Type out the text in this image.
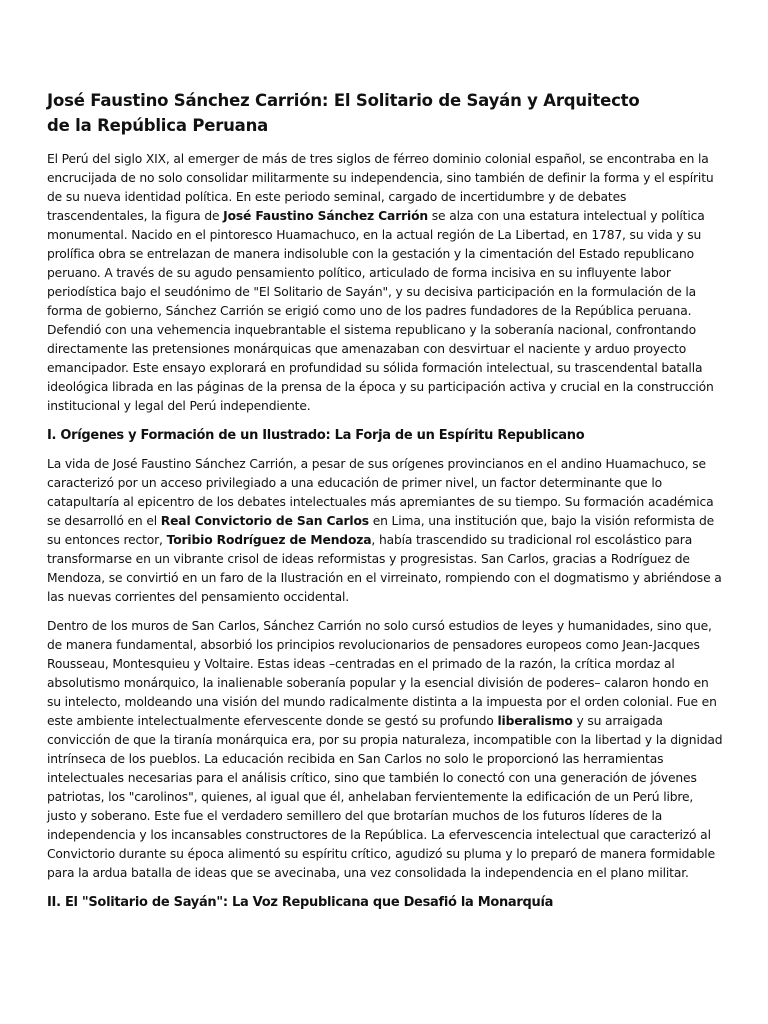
José Faustino Sánchez Carrión: El Solitario de Sayán y Arquitecto
de la República Peruana

El Perú del siglo XIX, al emerger de más de tres siglos de férreo dominio colonial español, se encontraba en la encrucijada de no solo consolidar militarmente su independencia, sino también de definir la forma y el espíritu de su nueva identidad política. En este periodo seminal, cargado de incertidumbre y de debates trascendentales, la figura de José Faustino Sánchez Carrión se alza con una estatura intelectual y política monumental. Nacido en el pintoresco Huamachuco, en la actual región de La Libertad, en 1787, su vida y su prolífica obra se entrelazan de manera indisoluble con la gestación y la cimentación del Estado republicano peruano. A través de su agudo pensamiento político, articulado de forma incisiva en su influyente labor periodística bajo el seudónimo de "El Solitario de Sayán", y su decisiva participación en la formulación de la forma de gobierno, Sánchez Carrión se erigió como uno de los padres fundadores de la República peruana. Defendió con una vehemencia inquebrantable el sistema republicano y la soberanía nacional, confrontando directamente las pretensiones monárquicas que amenazaban con desvirtuar el naciente y arduo proyecto emancipador. Este ensayo explorará en profundidad su sólida formación intelectual, su trascendental batalla ideológica librada en las páginas de la prensa de la época y su participación activa y crucial en la construcción institucional y legal del Perú independiente.

I. Orígenes y Formación de un Ilustrado: La Forja de un Espíritu Republicano

La vida de José Faustino Sánchez Carrión, a pesar de sus orígenes provincianos en el andino Huamachuco, se caracterizó por un acceso privilegiado a una educación de primer nivel, un factor determinante que lo catapultaría al epicentro de los debates intelectuales más apremiantes de su tiempo. Su formación académica se desarrolló en el Real Convictorio de San Carlos en Lima, una institución que, bajo la visión reformista de su entonces rector, Toribio Rodríguez de Mendoza, había trascendido su tradicional rol escolástico para transformarse en un vibrante crisol de ideas reformistas y progresistas. San Carlos, gracias a Rodríguez de Mendoza, se convirtió en un faro de la Ilustración en el virreinato, rompiendo con el dogmatismo y abriéndose a las nuevas corrientes del pensamiento occidental.

Dentro de los muros de San Carlos, Sánchez Carrión no solo cursó estudios de leyes y humanidades, sino que, de manera fundamental, absorbió los principios revolucionarios de pensadores europeos como Jean-Jacques Rousseau, Montesquieu y Voltaire. Estas ideas –centradas en el primado de la razón, la crítica mordaz al absolutismo monárquico, la inalienable soberanía popular y la esencial división de poderes– calaron hondo en su intelecto, moldeando una visión del mundo radicalmente distinta a la impuesta por el orden colonial. Fue en este ambiente intelectualmente efervescente donde se gestó su profundo liberalismo y su arraigada convicción de que la tiranía monárquica era, por su propia naturaleza, incompatible con la libertad y la dignidad intrínseca de los pueblos. La educación recibida en San Carlos no solo le proporcionó las herramientas intelectuales necesarias para el análisis crítico, sino que también lo conectó con una generación de jóvenes patriotas, los "carolinos", quienes, al igual que él, anhelaban fervientemente la edificación de un Perú libre, justo y soberano. Este fue el verdadero semillero del que brotarían muchos de los futuros líderes de la independencia y los incansables constructores de la República. La efervescencia intelectual que caracterizó al Convictorio durante su época alimentó su espíritu crítico, agudizó su pluma y lo preparó de manera formidable para la ardua batalla de ideas que se avecinaba, una vez consolidada la independencia en el plano militar.

II. El "Solitario de Sayán": La Voz Republicana que Desafió la Monarquía
